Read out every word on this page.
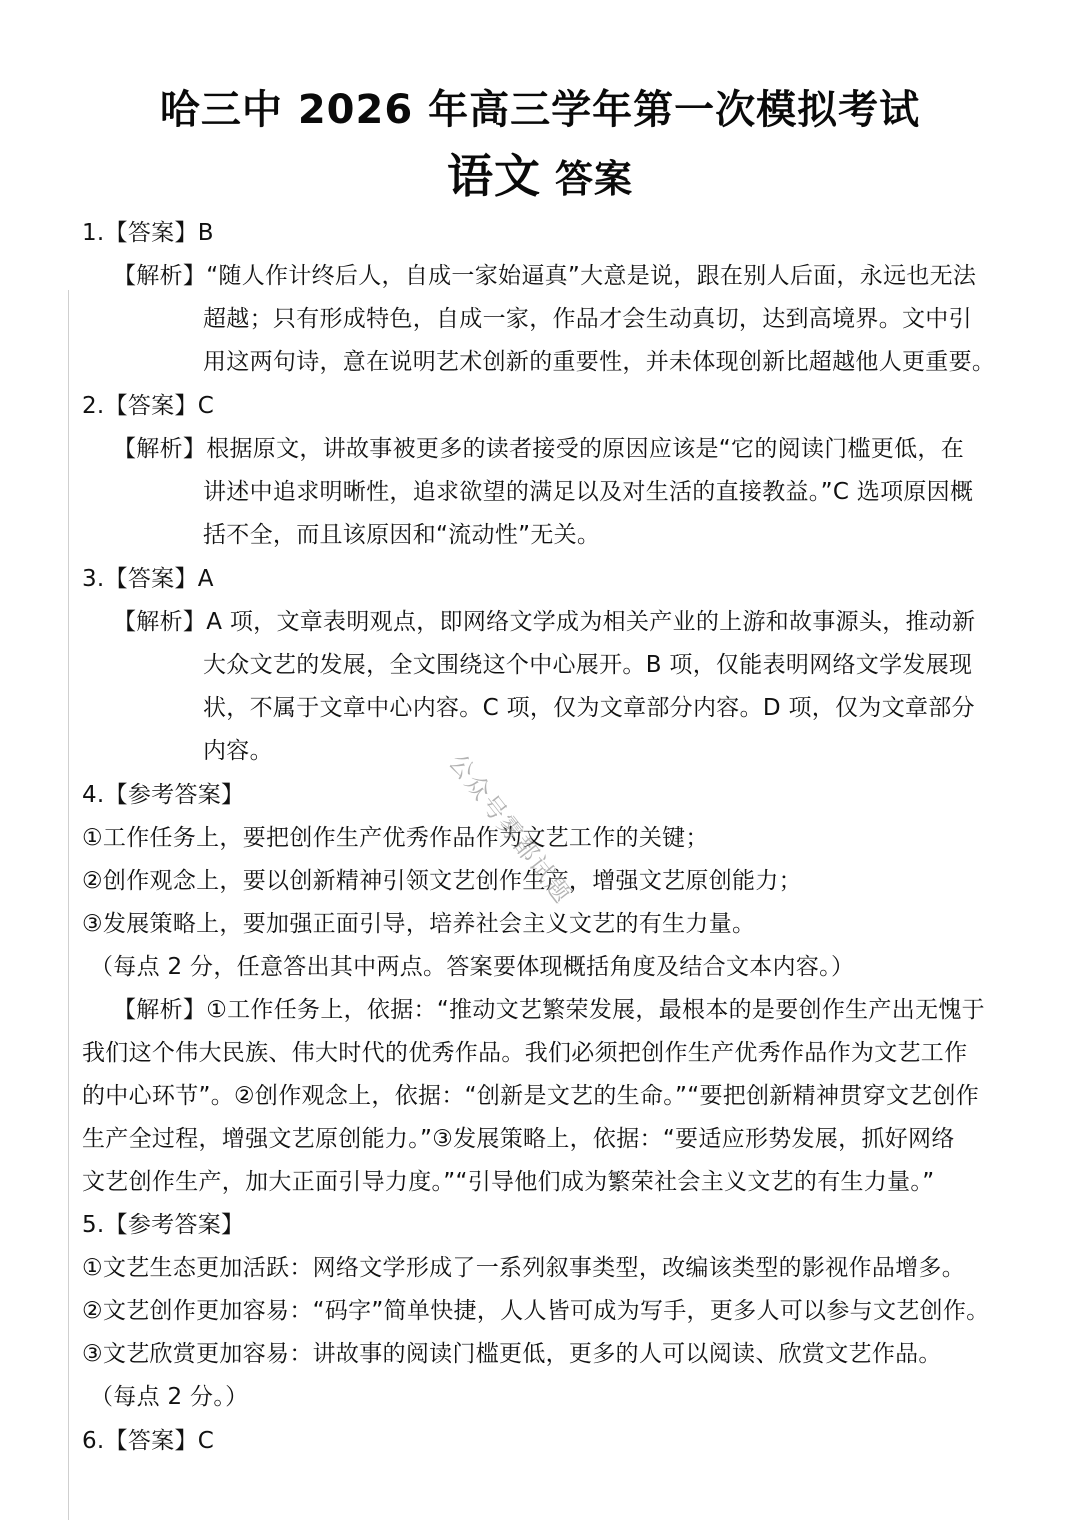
哈三中 2026 年高三学年第一次模拟考试
语文 答案
1.【答案】B
【解析】“随人作计终后人，自成一家始逼真”大意是说，跟在别人后面，永远也无法
超越；只有形成特色，自成一家，作品才会生动真切，达到高境界。文中引
用这两句诗，意在说明艺术创新的重要性，并未体现创新比超越他人更重要。
2.【答案】C
【解析】根据原文，讲故事被更多的读者接受的原因应该是“它的阅读门槛更低，在
讲述中追求明晰性，追求欲望的满足以及对生活的直接教益。”C 选项原因概
括不全，而且该原因和“流动性”无关。
3.【答案】A
【解析】A 项，文章表明观点，即网络文学成为相关产业的上游和故事源头，推动新
大众文艺的发展，全文围绕这个中心展开。B 项，仅能表明网络文学发展现
状，不属于文章中心内容。C 项，仅为文章部分内容。D 项，仅为文章部分
内容。
4.【参考答案】
①工作任务上，要把创作生产优秀作品作为文艺工作的关键；
②创作观念上，要以创新精神引领文艺创作生产，增强文艺原创能力；
③发展策略上，要加强正面引导，培养社会主义文艺的有生力量。
（每点 2 分，任意答出其中两点。答案要体现概括角度及结合文本内容。）
【解析】①工作任务上，依据：“推动文艺繁荣发展，最根本的是要创作生产出无愧于
我们这个伟大民族、伟大时代的优秀作品。我们必须把创作生产优秀作品作为文艺工作
的中心环节”。②创作观念上，依据：“创新是文艺的生命。”“要把创新精神贯穿文艺创作
生产全过程，增强文艺原创能力。”③发展策略上，依据：“要适应形势发展，抓好网络
文艺创作生产，加大正面引导力度。”“引导他们成为繁荣社会主义文艺的有生力量。”
5.【参考答案】
①文艺生态更加活跃：网络文学形成了一系列叙事类型，改编该类型的影视作品增多。
②文艺创作更加容易：“码字”简单快捷，人人皆可成为写手，更多人可以参与文艺创作。
③文艺欣赏更加容易：讲故事的阅读门槛更低，更多的人可以阅读、欣赏文艺作品。
（每点 2 分。）
6.【答案】C
公众号雾都试题
